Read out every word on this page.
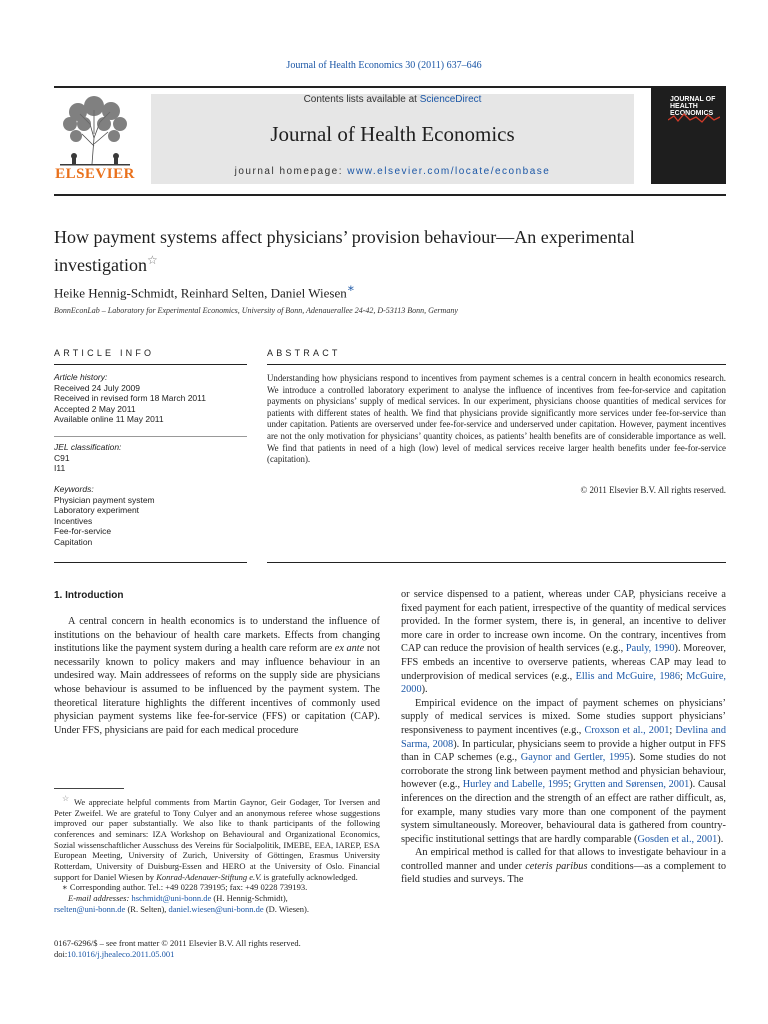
Journal of Health Economics 30 (2011) 637–646
ELSEVIER
Contents lists available at ScienceDirect
Journal of Health Economics
journal homepage: www.elsevier.com/locate/econbase
JOURNAL OF HEALTH ECONOMICS
How payment systems affect physicians’ provision behaviour—An experimental investigation☆
Heike Hennig-Schmidt, Reinhard Selten, Daniel Wiesen∗
BonnEconLab – Laboratory for Experimental Economics, University of Bonn, Adenauerallee 24-42, D-53113 Bonn, Germany
ARTICLE INFO
Article history:
Received 24 July 2009
Received in revised form 18 March 2011
Accepted 2 May 2011
Available online 11 May 2011
JEL classification:
C91
I11
Keywords:
Physician payment system
Laboratory experiment
Incentives
Fee-for-service
Capitation
ABSTRACT
Understanding how physicians respond to incentives from payment schemes is a central concern in health economics research. We introduce a controlled laboratory experiment to analyse the influence of incentives from fee-for-service and capitation payments on physicians’ supply of medical services. In our experiment, physicians choose quantities of medical services for patients with different states of health. We find that physicians provide significantly more services under fee-for-service than under capitation. Patients are overserved under fee-for-service and underserved under capitation. However, payment incentives are not the only motivation for physicians’ quantity choices, as patients’ health benefits are of considerable importance as well. We find that patients in need of a high (low) level of medical services receive larger health benefits under fee-for-service (capitation).
© 2011 Elsevier B.V. All rights reserved.
1. Introduction

A central concern in health economics is to understand the influence of institutions on the behaviour of health care markets. Effects from changing institutions like the payment system during a health care reform are ex ante not necessarily known to policy makers and may influence behaviour in an undesired way. Main addressees of reforms on the supply side are physicians whose behaviour is assumed to be influenced by the payment system. The theoretical literature highlights the different incentives of commonly used physician payment systems like fee-for-service (FFS) or capitation (CAP). Under FFS, physicians are paid for each medical procedure

or service dispensed to a patient, whereas under CAP, physicians receive a fixed payment for each patient, irrespective of the quantity of medical services provided. In the former system, there is, in general, an incentive to deliver more care in order to increase own income. On the contrary, incentives from CAP can reduce the provision of health services (e.g., Pauly, 1990). Moreover, FFS embeds an incentive to overserve patients, whereas CAP may lead to underprovision of medical services (e.g., Ellis and McGuire, 1986; McGuire, 2000).

Empirical evidence on the impact of payment schemes on physicians’ supply of medical services is mixed. Some studies support physicians’ responsiveness to payment incentives (e.g., Croxson et al., 2001; Devlina and Sarma, 2008). In particular, physicians seem to provide a higher output in FFS than in CAP schemes (e.g., Gaynor and Gertler, 1995). Some studies do not corroborate the strong link between payment method and physician behaviour, however (e.g., Hurley and Labelle, 1995; Grytten and Sørensen, 2001). Causal inferences on the direction and the strength of an effect are rather difficult, as, for example, many studies vary more than one component of the payment system simultaneously. Moreover, behavioural data is gathered from country-specific institutional settings that are hardly comparable (Gosden et al., 2001).

An empirical method is called for that allows to investigate behaviour in a controlled manner and under ceteris paribus conditions—as a complement to field studies and surveys. The

☆ We appreciate helpful comments from Martin Gaynor, Geir Godager, Tor Iversen and Peter Zweifel. We are grateful to Tony Culyer and an anonymous referee whose suggestions improved our paper substantially. We also like to thank participants of the following conferences and seminars: IZA Workshop on Behavioural and Organizational Economics, Sozial wissenschaftlicher Ausschuss des Vereins für Socialpolitik, IMEBE, EEA, IAREP, ESA European Meeting, University of Zurich, University of Göttingen, Erasmus University Rotterdam, University of Duisburg-Essen and HERO at the University of Oslo. Financial support for Daniel Wiesen by Konrad-Adenauer-Stiftung e.V. is gratefully acknowledged.
∗ Corresponding author. Tel.: +49 0228 739195; fax: +49 0228 739193.
E-mail addresses: hschmidt@uni-bonn.de (H. Hennig-Schmidt),
rselten@uni-bonn.de (R. Selten), daniel.wiesen@uni-bonn.de (D. Wiesen).
0167-6296/$ – see front matter © 2011 Elsevier B.V. All rights reserved.
doi:10.1016/j.jhealeco.2011.05.001
